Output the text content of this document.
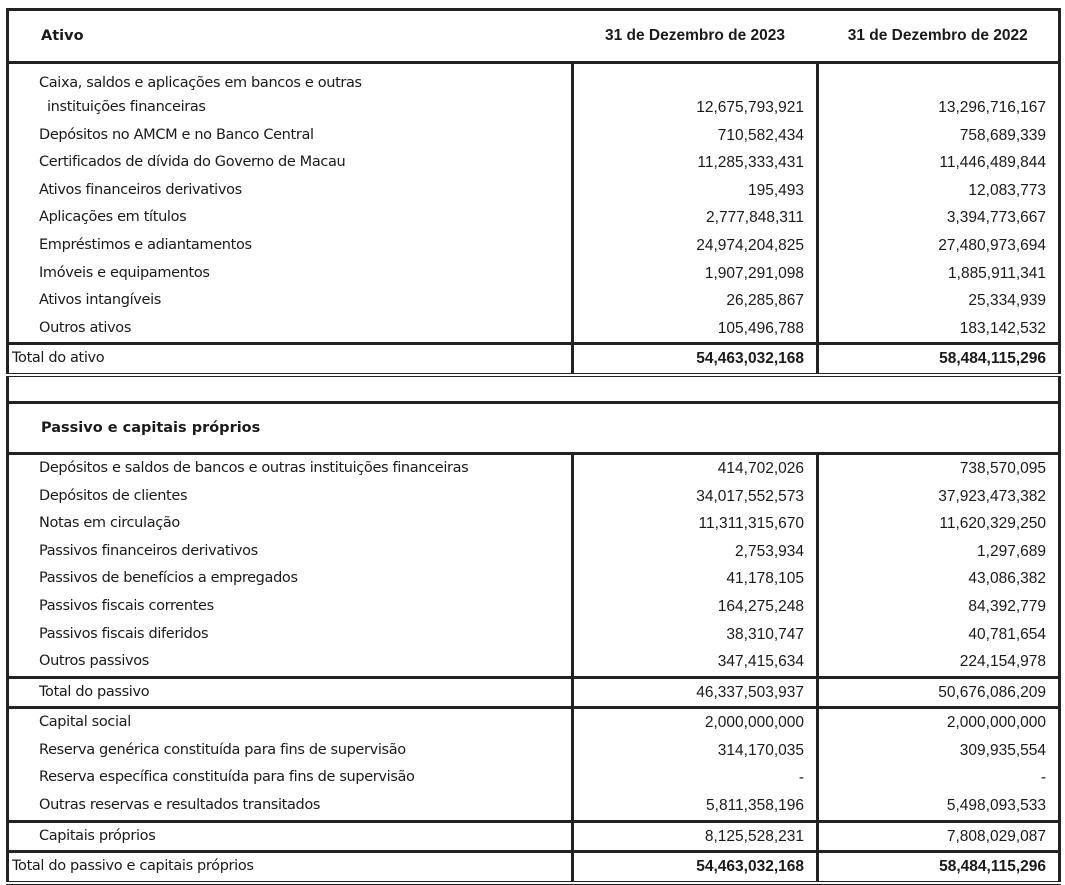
Ativo	31 de Dezembro de 2023	31 de Dezembro de 2022
Caixa, saldos e aplicações em bancos e outras		
instituições financeiras	12,675,793,921	13,296,716,167
Depósitos no AMCM e no Banco Central	710,582,434	758,689,339
Certificados de dívida do Governo de Macau	11,285,333,431	11,446,489,844
Ativos financeiros derivativos	195,493	12,083,773
Aplicações em títulos	2,777,848,311	3,394,773,667
Empréstimos e adiantamentos	24,974,204,825	27,480,973,694
Imóveis e equipamentos	1,907,291,098	1,885,911,341
Ativos intangíveis	26,285,867	25,334,939
Outros ativos	105,496,788	183,142,532
Total do ativo	54,463,032,168	58,484,115,296

Passivo e capitais próprios		
Depósitos e saldos de bancos e outras instituições financeiras	414,702,026	738,570,095
Depósitos de clientes	34,017,552,573	37,923,473,382
Notas em circulação	11,311,315,670	11,620,329,250
Passivos financeiros derivativos	2,753,934	1,297,689
Passivos de benefícios a empregados	41,178,105	43,086,382
Passivos fiscais correntes	164,275,248	84,392,779
Passivos fiscais diferidos	38,310,747	40,781,654
Outros passivos	347,415,634	224,154,978
Total do passivo	46,337,503,937	50,676,086,209
Capital social	2,000,000,000	2,000,000,000
Reserva genérica constituída para fins de supervisão	314,170,035	309,935,554
Reserva específica constituída para fins de supervisão	-	-
Outras reservas e resultados transitados	5,811,358,196	5,498,093,533
Capitais próprios	8,125,528,231	7,808,029,087
Total do passivo e capitais próprios	54,463,032,168	58,484,115,296
